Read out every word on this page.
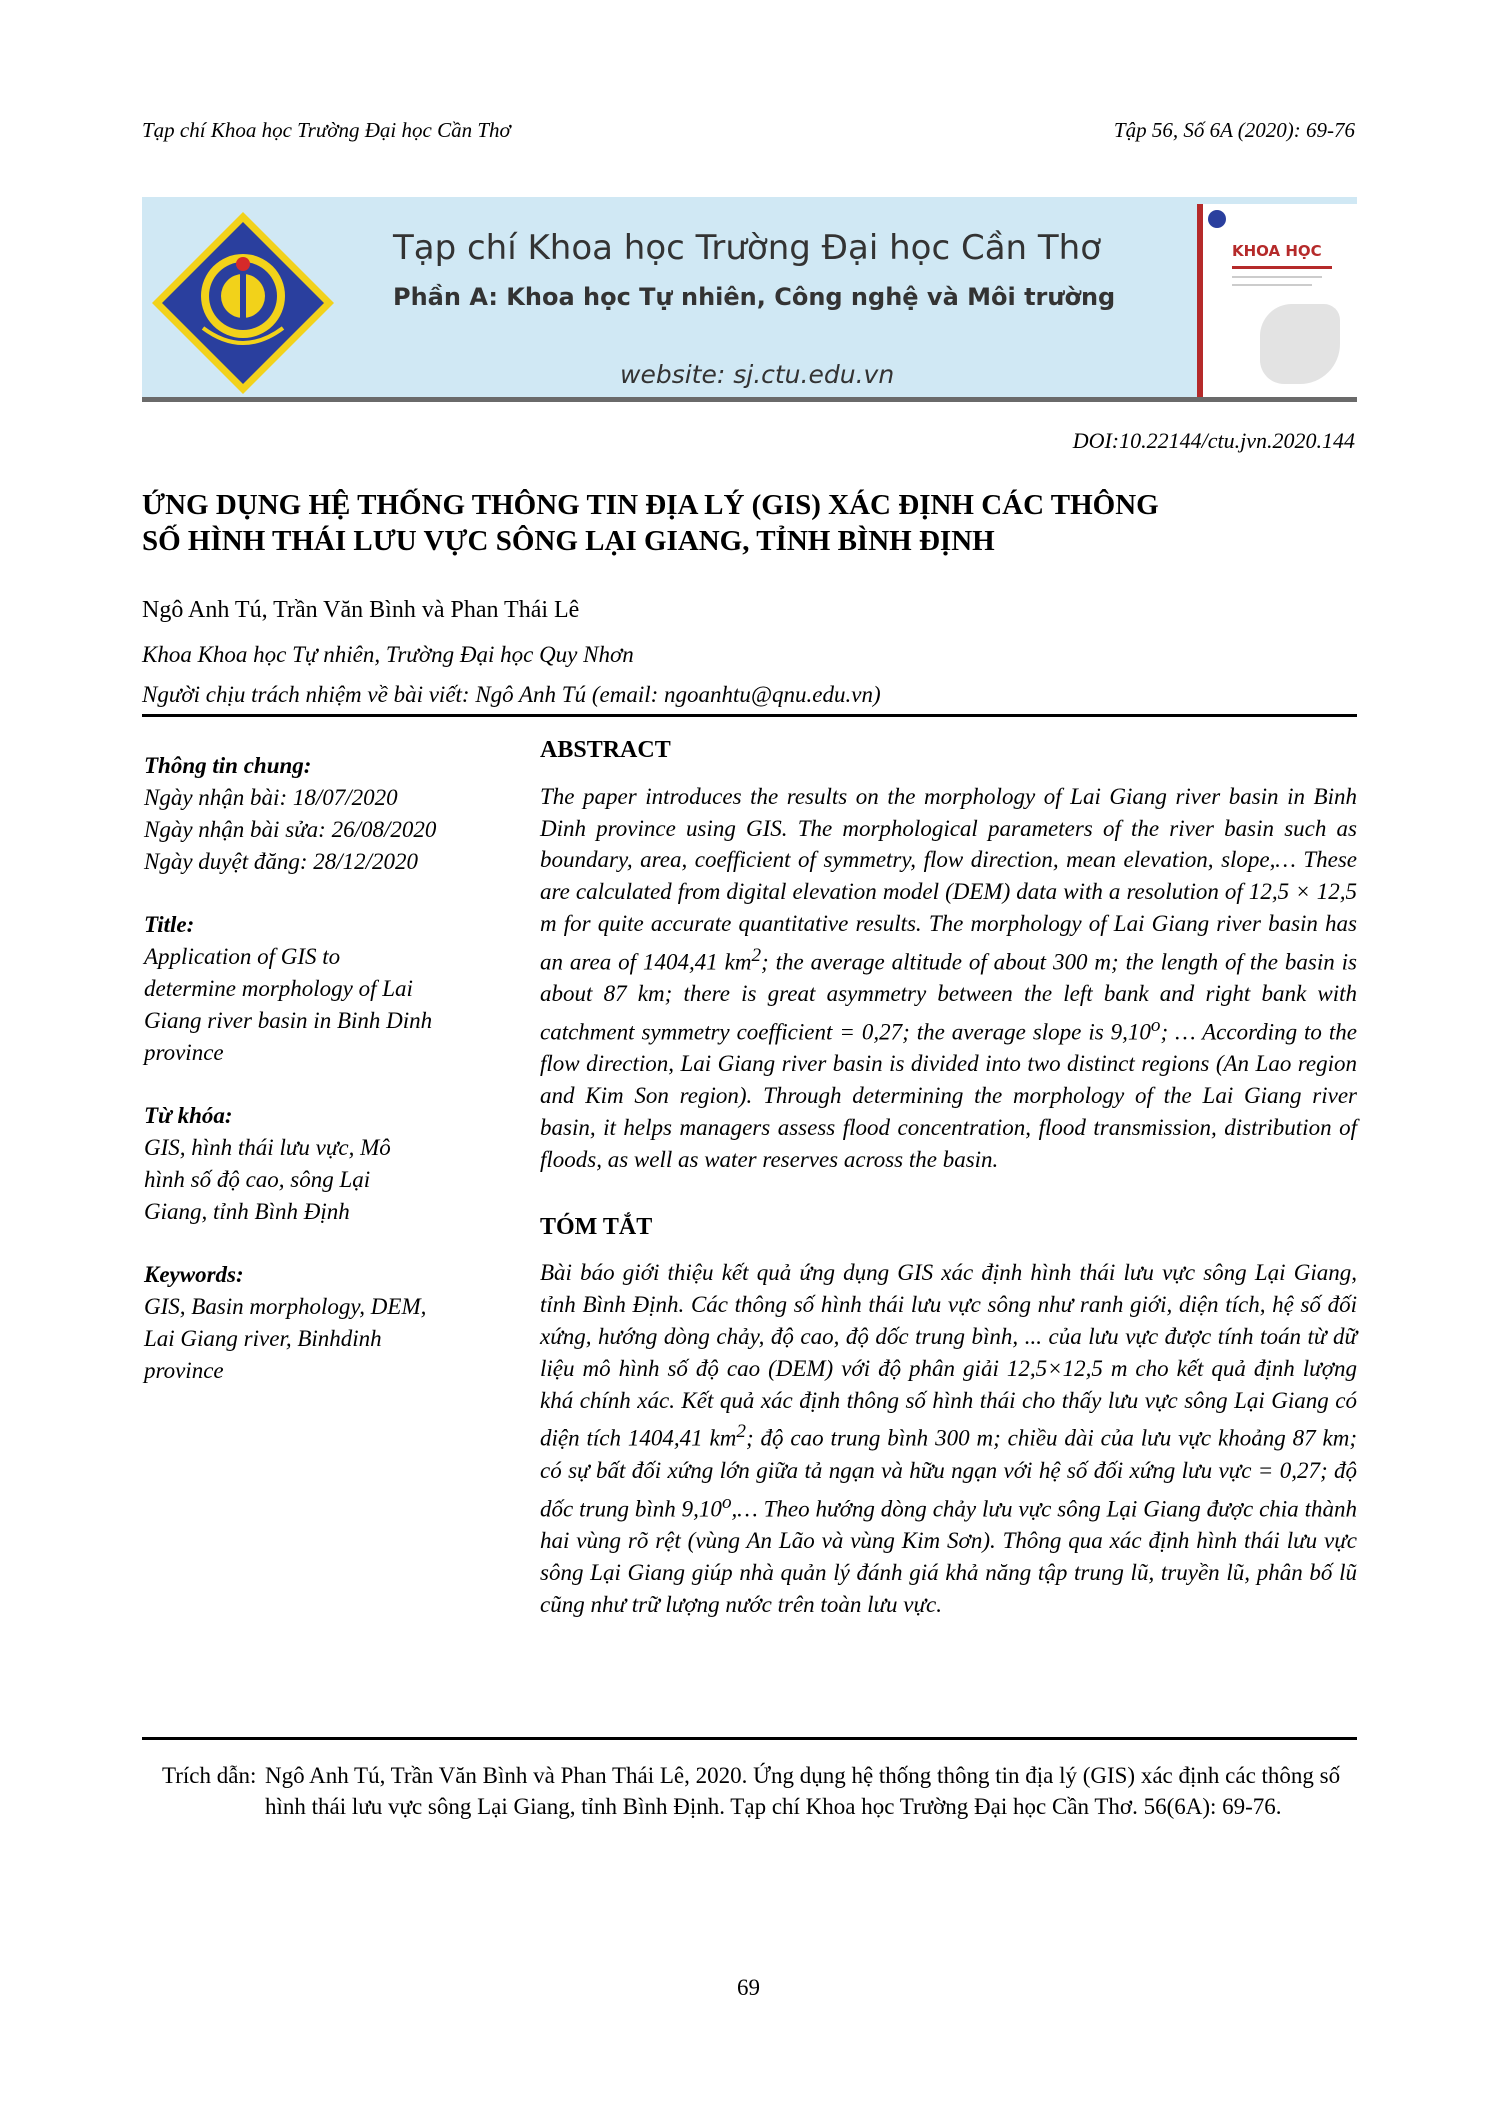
Tạp chí Khoa học Trường Đại học Cần Thơ	Tập 56, Số 6A (2020): 69-76
Tạp chí Khoa học Trường Đại học Cần Thơ
Phần A: Khoa học Tự nhiên, Công nghệ và Môi trường
website: sj.ctu.edu.vn
KHOA HỌC
DOI:10.22144/ctu.jvn.2020.144
ỨNG DỤNG HỆ THỐNG THÔNG TIN ĐỊA LÝ (GIS) XÁC ĐỊNH CÁC THÔNG
SỐ HÌNH THÁI LƯU VỰC SÔNG LẠI GIANG, TỈNH BÌNH ĐỊNH
Ngô Anh Tú, Trần Văn Bình và Phan Thái Lê
Khoa Khoa học Tự nhiên, Trường Đại học Quy Nhơn
Người chịu trách nhiệm về bài viết: Ngô Anh Tú (email: ngoanhtu@qnu.edu.vn)
Thông tin chung:
Ngày nhận bài: 18/07/2020
Ngày nhận bài sửa: 26/08/2020
Ngày duyệt đăng: 28/12/2020
Title:
Application of GIS to
determine morphology of Lai
Giang river basin in Binh Dinh
province
Từ khóa:
GIS, hình thái lưu vực, Mô
hình số độ cao, sông Lại
Giang, tỉnh Bình Định
Keywords:
GIS, Basin morphology, DEM,
Lai Giang river, Binhdinh
province
ABSTRACT

The paper introduces the results on the morphology of Lai Giang river basin in Binh Dinh province using GIS. The morphological parameters of the river basin such as boundary, area, coefficient of symmetry, flow direction, mean elevation, slope,… These are calculated from digital elevation model (DEM) data with a resolution of 12,5 × 12,5 m for quite accurate quantitative results. The morphology of Lai Giang river basin has an area of 1404,41 $km^2$; the average altitude of about 300 m; the length of the basin is about 87 km; there is great asymmetry between the left bank and right bank with catchment symmetry coefficient = 0,27; the average slope is 9,10$^o$; … According to the flow direction, Lai Giang river basin is divided into two distinct regions (An Lao region and Kim Son region). Through determining the morphology of the Lai Giang river basin, it helps managers assess flood concentration, flood transmission, distribution of floods, as well as water reserves across the basin.

TÓM TẮT

Bài báo giới thiệu kết quả ứng dụng GIS xác định hình thái lưu vực sông Lại Giang, tỉnh Bình Định. Các thông số hình thái lưu vực sông như ranh giới, diện tích, hệ số đối xứng, hướng dòng chảy, độ cao, độ dốc trung bình, ... của lưu vực được tính toán từ dữ liệu mô hình số độ cao (DEM) với độ phân giải 12,5×12,5 m cho kết quả định lượng khá chính xác. Kết quả xác định thông số hình thái cho thấy lưu vực sông Lại Giang có diện tích 1404,41 $km^2$; độ cao trung bình 300 m; chiều dài của lưu vực khoảng 87 km; có sự bất đối xứng lớn giữa tả ngạn và hữu ngạn với hệ số đối xứng lưu vực = 0,27; độ dốc trung bình 9,10$^o$,… Theo hướng dòng chảy lưu vực sông Lại Giang được chia thành hai vùng rõ rệt (vùng An Lão và vùng Kim Sơn). Thông qua xác định hình thái lưu vực sông Lại Giang giúp nhà quản lý đánh giá khả năng tập trung lũ, truyền lũ, phân bố lũ cũng như trữ lượng nước trên toàn lưu vực.

Trích dẫn: Ngô Anh Tú, Trần Văn Bình và Phan Thái Lê, 2020. Ứng dụng hệ thống thông tin địa lý (GIS) xác định các thông số hình thái lưu vực sông Lại Giang, tỉnh Bình Định. Tạp chí Khoa học Trường Đại học Cần Thơ. 56(6A): 69-76.
69
